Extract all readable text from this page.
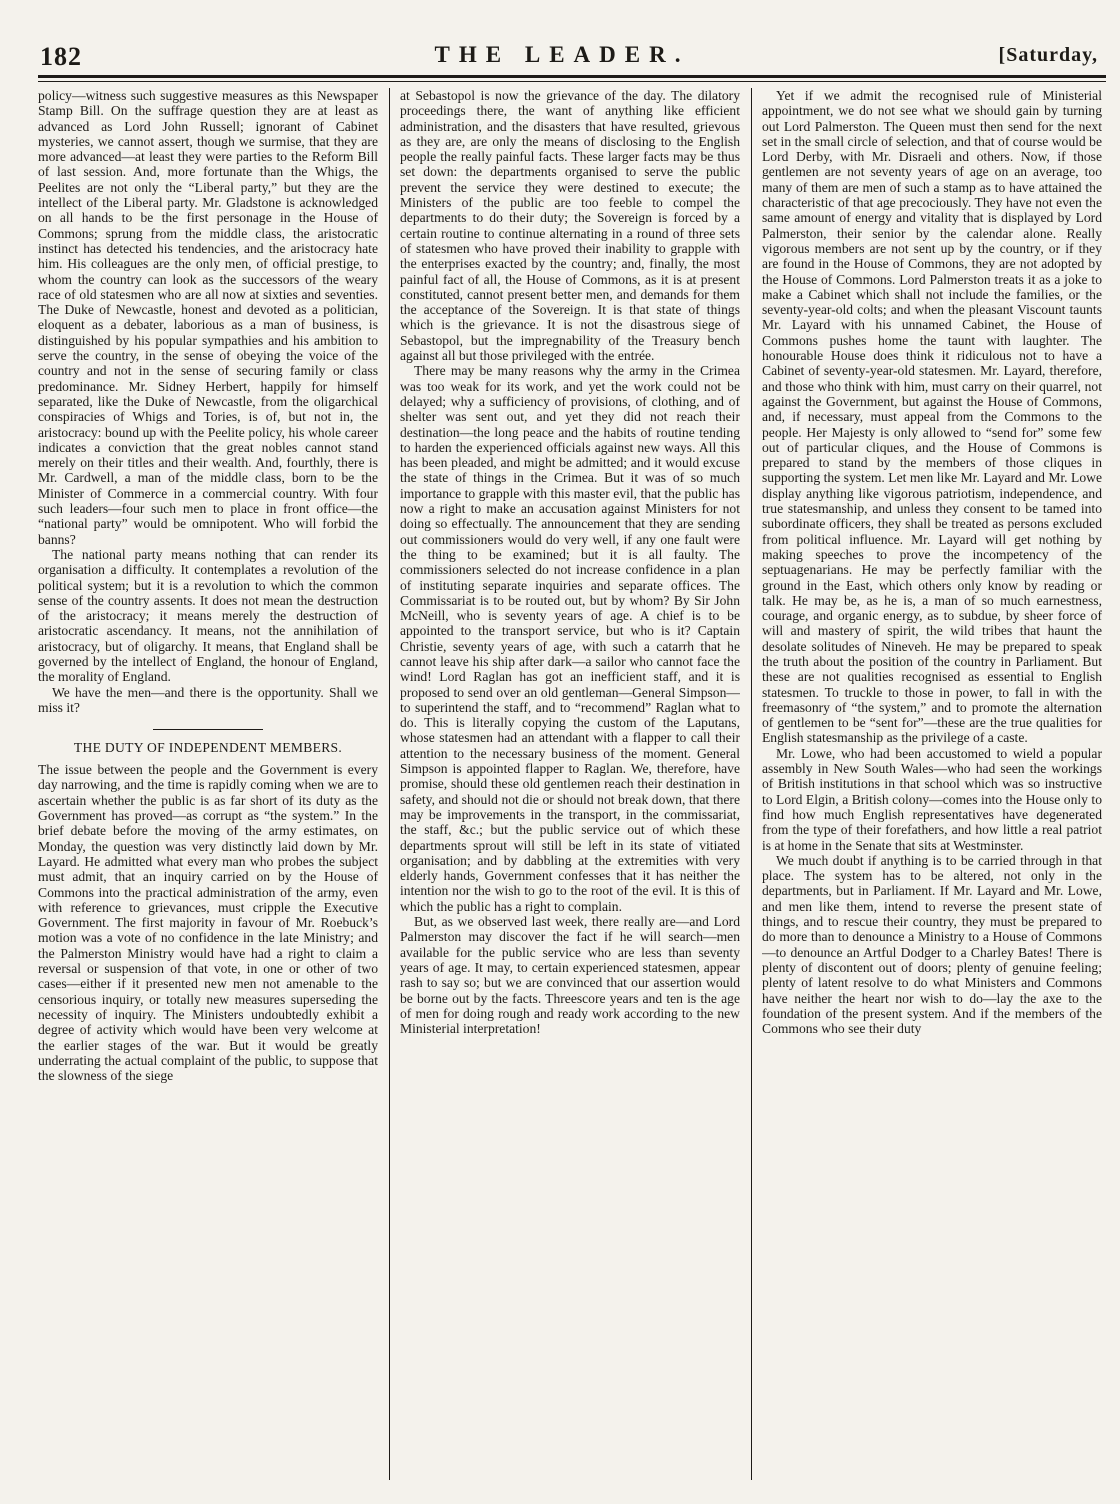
182	THE LEADER.	[Saturday,

policy—witness such suggestive measures as this Newspaper Stamp Bill. On the suffrage question they are at least as advanced as Lord John Russell; ignorant of Cabinet mysteries, we cannot assert, though we surmise, that they are more advanced—at least they were parties to the Reform Bill of last session. And, more fortunate than the Whigs, the Peelites are not only the “Liberal party,” but they are the intellect of the Liberal party. Mr. Gladstone is acknowledged on all hands to be the first personage in the House of Commons; sprung from the middle class, the aristocratic instinct has detected his tendencies, and the aristocracy hate him. His colleagues are the only men, of official prestige, to whom the country can look as the successors of the weary race of old statesmen who are all now at sixties and seventies. The Duke of Newcastle, honest and devoted as a politician, eloquent as a debater, laborious as a man of business, is distinguished by his popular sympathies and his ambition to serve the country, in the sense of obeying the voice of the country and not in the sense of securing family or class predominance. Mr. Sidney Herbert, happily for himself separated, like the Duke of Newcastle, from the oligarchical conspiracies of Whigs and Tories, is of, but not in, the aristocracy: bound up with the Peelite policy, his whole career indicates a conviction that the great nobles cannot stand merely on their titles and their wealth. And, fourthly, there is Mr. Cardwell, a man of the middle class, born to be the Minister of Commerce in a commercial country. With four such leaders—four such men to place in front office—the “national party” would be omnipotent. Who will forbid the banns?

The national party means nothing that can render its organisation a difficulty. It contemplates a revolution of the political system; but it is a revolution to which the common sense of the country assents. It does not mean the destruction of the aristocracy; it means merely the destruction of aristocratic ascendancy. It means, not the annihilation of aristocracy, but of oligarchy. It means, that England shall be governed by the intellect of England, the honour of England, the morality of England.

We have the men—and there is the opportunity. Shall we miss it?

THE DUTY OF INDEPENDENT MEMBERS.

The issue between the people and the Government is every day narrowing, and the time is rapidly coming when we are to ascertain whether the public is as far short of its duty as the Government has proved—as corrupt as “the system.” In the brief debate before the moving of the army estimates, on Monday, the question was very distinctly laid down by Mr. Layard. He admitted what every man who probes the subject must admit, that an inquiry carried on by the House of Commons into the practical administration of the army, even with reference to grievances, must cripple the Executive Government. The first majority in favour of Mr. Roebuck’s motion was a vote of no confidence in the late Ministry; and the Palmerston Ministry would have had a right to claim a reversal or suspension of that vote, in one or other of two cases—either if it presented new men not amenable to the censorious inquiry, or totally new measures superseding the necessity of inquiry. The Ministers undoubtedly exhibit a degree of activity which would have been very welcome at the earlier stages of the war. But it would be greatly underrating the actual complaint of the public, to suppose that the slowness of the siege

at Sebastopol is now the grievance of the day. The dilatory proceedings there, the want of anything like efficient administration, and the disasters that have resulted, grievous as they are, are only the means of disclosing to the English people the really painful facts. These larger facts may be thus set down: the departments organised to serve the public prevent the service they were destined to execute; the Ministers of the public are too feeble to compel the departments to do their duty; the Sovereign is forced by a certain routine to continue alternating in a round of three sets of statesmen who have proved their inability to grapple with the enterprises exacted by the country; and, finally, the most painful fact of all, the House of Commons, as it is at present constituted, cannot present better men, and demands for them the acceptance of the Sovereign. It is that state of things which is the grievance. It is not the disastrous siege of Sebastopol, but the impregnability of the Treasury bench against all but those privileged with the entrée.

There may be many reasons why the army in the Crimea was too weak for its work, and yet the work could not be delayed; why a sufficiency of provisions, of clothing, and of shelter was sent out, and yet they did not reach their destination—the long peace and the habits of routine tending to harden the experienced officials against new ways. All this has been pleaded, and might be admitted; and it would excuse the state of things in the Crimea. But it was of so much importance to grapple with this master evil, that the public has now a right to make an accusation against Ministers for not doing so effectually. The announcement that they are sending out commissioners would do very well, if any one fault were the thing to be examined; but it is all faulty. The commissioners selected do not increase confidence in a plan of instituting separate inquiries and separate offices. The Commissariat is to be routed out, but by whom? By Sir John McNeill, who is seventy years of age. A chief is to be appointed to the transport service, but who is it? Captain Christie, seventy years of age, with such a catarrh that he cannot leave his ship after dark—a sailor who cannot face the wind! Lord Raglan has got an inefficient staff, and it is proposed to send over an old gentleman—General Simpson—to superintend the staff, and to “recommend” Raglan what to do. This is literally copying the custom of the Laputans, whose statesmen had an attendant with a flapper to call their attention to the necessary business of the moment. General Simpson is appointed flapper to Raglan. We, therefore, have promise, should these old gentlemen reach their destination in safety, and should not die or should not break down, that there may be improvements in the transport, in the commissariat, the staff, &c.; but the public service out of which these departments sprout will still be left in its state of vitiated organisation; and by dabbling at the extremities with very elderly hands, Government confesses that it has neither the intention nor the wish to go to the root of the evil. It is this of which the public has a right to complain.

But, as we observed last week, there really are—and Lord Palmerston may discover the fact if he will search—men available for the public service who are less than seventy years of age. It may, to certain experienced statesmen, appear rash to say so; but we are convinced that our assertion would be borne out by the facts. Threescore years and ten is the age of men for doing rough and ready work according to the new Ministerial interpretation!

Yet if we admit the recognised rule of Ministerial appointment, we do not see what we should gain by turning out Lord Palmerston. The Queen must then send for the next set in the small circle of selection, and that of course would be Lord Derby, with Mr. Disraeli and others. Now, if those gentlemen are not seventy years of age on an average, too many of them are men of such a stamp as to have attained the characteristic of that age precociously. They have not even the same amount of energy and vitality that is displayed by Lord Palmerston, their senior by the calendar alone. Really vigorous members are not sent up by the country, or if they are found in the House of Commons, they are not adopted by the House of Commons. Lord Palmerston treats it as a joke to make a Cabinet which shall not include the families, or the seventy-year-old colts; and when the pleasant Viscount taunts Mr. Layard with his unnamed Cabinet, the House of Commons pushes home the taunt with laughter. The honourable House does think it ridiculous not to have a Cabinet of seventy-year-old statesmen. Mr. Layard, therefore, and those who think with him, must carry on their quarrel, not against the Government, but against the House of Commons, and, if necessary, must appeal from the Commons to the people. Her Majesty is only allowed to “send for” some few out of particular cliques, and the House of Commons is prepared to stand by the members of those cliques in supporting the system. Let men like Mr. Layard and Mr. Lowe display anything like vigorous patriotism, independence, and true statesmanship, and unless they consent to be tamed into subordinate officers, they shall be treated as persons excluded from political influence. Mr. Layard will get nothing by making speeches to prove the incompetency of the septuagenarians. He may be perfectly familiar with the ground in the East, which others only know by reading or talk. He may be, as he is, a man of so much earnestness, courage, and organic energy, as to subdue, by sheer force of will and mastery of spirit, the wild tribes that haunt the desolate solitudes of Nineveh. He may be prepared to speak the truth about the position of the country in Parliament. But these are not qualities recognised as essential to English statesmen. To truckle to those in power, to fall in with the freemasonry of “the system,” and to promote the alternation of gentlemen to be “sent for”—these are the true qualities for English statesmanship as the privilege of a caste.

Mr. Lowe, who had been accustomed to wield a popular assembly in New South Wales—who had seen the workings of British institutions in that school which was so instructive to Lord Elgin, a British colony—comes into the House only to find how much English representatives have degenerated from the type of their forefathers, and how little a real patriot is at home in the Senate that sits at Westminster.

We much doubt if anything is to be carried through in that place. The system has to be altered, not only in the departments, but in Parliament. If Mr. Layard and Mr. Lowe, and men like them, intend to reverse the present state of things, and to rescue their country, they must be prepared to do more than to denounce a Ministry to a House of Commons—to denounce an Artful Dodger to a Charley Bates! There is plenty of discontent out of doors; plenty of genuine feeling; plenty of latent resolve to do what Ministers and Commons have neither the heart nor wish to do—lay the axe to the foundation of the present system. And if the members of the Commons who see their duty
